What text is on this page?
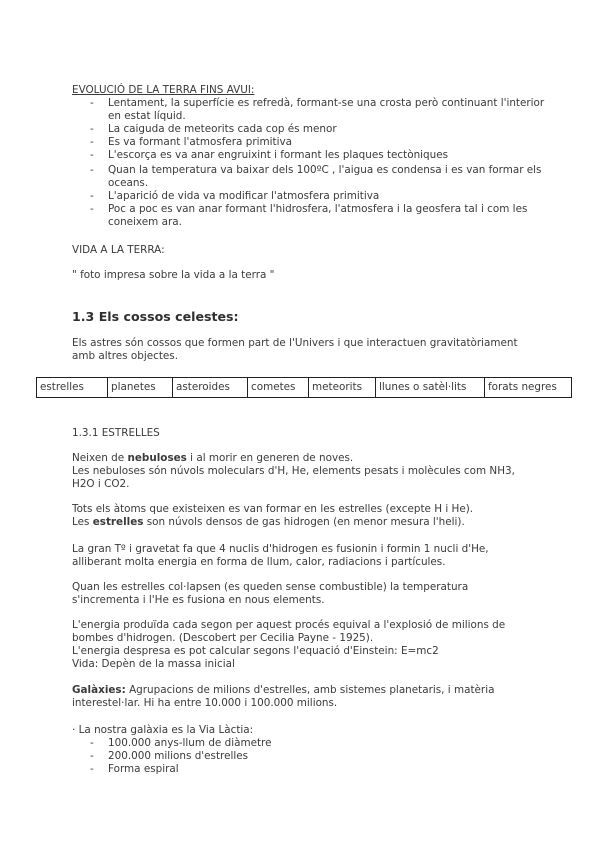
EVOLUCIÓ DE LA TERRA FINS AVUI:
- Lentament, la superfície es refredà, formant-se una crosta però continuant l'interior en estat líquid.
- La caiguda de meteorits cada cop és menor
- Es va formant l'atmosfera primitiva
- L'escorça es va anar engruixint i formant les plaques tectòniques
- Quan la temperatura va baixar dels 100ºC , l'aigua es condensa i es van formar els oceans.
- L'aparició de vida va modificar l'atmosfera primitiva
- Poc a poc es van anar formant l'hidrosfera, l'atmosfera i la geosfera tal i com les coneixem ara.
VIDA A LA TERRA:
" foto impresa sobre la vida a la terra "
1.3 Els cossos celestes:
Els astres són cossos que formen part de l'Univers i que interactuen gravitatòriament
amb altres objectes.
estrelles	planetes	asteroides	cometes	meteorits	llunes o satèl·lits	forats negres
1.3.1 ESTRELLES
Neixen de nebuloses i al morir en generen de noves.
Les nebuloses són núvols moleculars d'H, He, elements pesats i molècules com NH3,
H2O i CO2.
Tots els àtoms que existeixen es van formar en les estrelles (excepte H i He).
Les estrelles son núvols densos de gas hidrogen (en menor mesura l'heli).
La gran Tº i gravetat fa que 4 nuclis d'hidrogen es fusionin i formin 1 nucli d'He,
alliberant molta energia en forma de llum, calor, radiacions i partícules.
Quan les estrelles col·lapsen (es queden sense combustible) la temperatura
s'incrementa i l'He es fusiona en nous elements.
L'energia produïda cada segon per aquest procés equival a l'explosió de milions de
bombes d'hidrogen. (Descobert per Cecilia Payne - 1925).
L'energia despresa es pot calcular segons l'equació d'Einstein: E=mc2
Vida: Depèn de la massa inicial
Galàxies: Agrupacions de milions d'estrelles, amb sistemes planetaris, i matèria
interestel·lar. Hi ha entre 10.000 i 100.000 milions.
· La nostra galàxia es la Via Làctia:
- 100.000 anys-llum de diàmetre
- 200.000 milions d'estrelles
- Forma espiral
